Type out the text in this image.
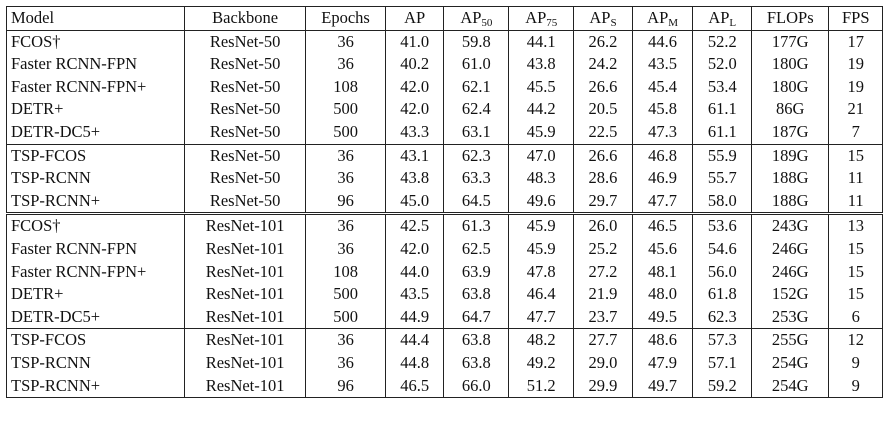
Model	Backbone	Epochs	AP	$AP_{50}$	$AP_{75}$	$AP_S$	$AP_M$	$AP_L$	FLOPs	FPS
FCOS†	ResNet-50	36	41.0	59.8	44.1	26.2	44.6	52.2	177G	17
Faster RCNN-FPN	ResNet-50	36	40.2	61.0	43.8	24.2	43.5	52.0	180G	19
Faster RCNN-FPN+	ResNet-50	108	42.0	62.1	45.5	26.6	45.4	53.4	180G	19
DETR+	ResNet-50	500	42.0	62.4	44.2	20.5	45.8	61.1	86G	21
DETR-DC5+	ResNet-50	500	43.3	63.1	45.9	22.5	47.3	61.1	187G	7
TSP-FCOS	ResNet-50	36	43.1	62.3	47.0	26.6	46.8	55.9	189G	15
TSP-RCNN	ResNet-50	36	43.8	63.3	48.3	28.6	46.9	55.7	188G	11
TSP-RCNN+	ResNet-50	96	45.0	64.5	49.6	29.7	47.7	58.0	188G	11
FCOS†	ResNet-101	36	42.5	61.3	45.9	26.0	46.5	53.6	243G	13
Faster RCNN-FPN	ResNet-101	36	42.0	62.5	45.9	25.2	45.6	54.6	246G	15
Faster RCNN-FPN+	ResNet-101	108	44.0	63.9	47.8	27.2	48.1	56.0	246G	15
DETR+	ResNet-101	500	43.5	63.8	46.4	21.9	48.0	61.8	152G	15
DETR-DC5+	ResNet-101	500	44.9	64.7	47.7	23.7	49.5	62.3	253G	6
TSP-FCOS	ResNet-101	36	44.4	63.8	48.2	27.7	48.6	57.3	255G	12
TSP-RCNN	ResNet-101	36	44.8	63.8	49.2	29.0	47.9	57.1	254G	9
TSP-RCNN+	ResNet-101	96	46.5	66.0	51.2	29.9	49.7	59.2	254G	9
